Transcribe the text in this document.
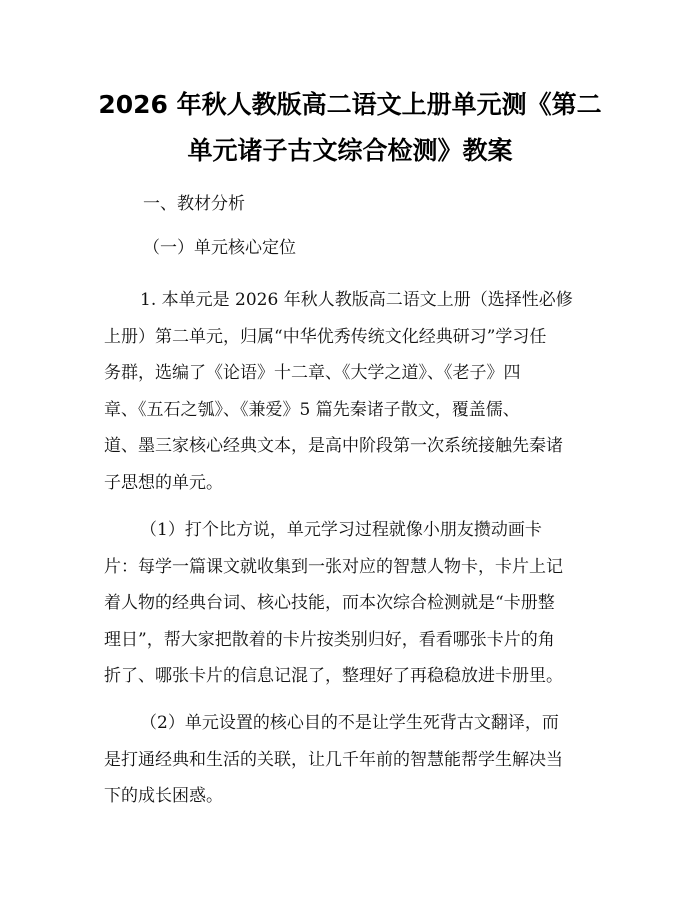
2026 年秋人教版高二语文上册单元测《第二
单元诸子古文综合检测》教案

一、教材分析

（一）单元核心定位

1. 本单元是 2026 年秋人教版高二语文上册（选择性必修
上册）第二单元，归属“中华优秀传统文化经典研习”学习任
务群，选编了《论语》十二章、《大学之道》、《老子》四
章、《五石之瓠》、《兼爱》5 篇先秦诸子散文，覆盖儒、
道、墨三家核心经典文本，是高中阶段第一次系统接触先秦诸
子思想的单元。
（1）打个比方说，单元学习过程就像小朋友攒动画卡
片：每学一篇课文就收集到一张对应的智慧人物卡，卡片上记
着人物的经典台词、核心技能，而本次综合检测就是“卡册整
理日”，帮大家把散着的卡片按类别归好，看看哪张卡片的角
折了、哪张卡片的信息记混了，整理好了再稳稳放进卡册里。
（2）单元设置的核心目的不是让学生死背古文翻译，而
是打通经典和生活的关联，让几千年前的智慧能帮学生解决当
下的成长困惑。
